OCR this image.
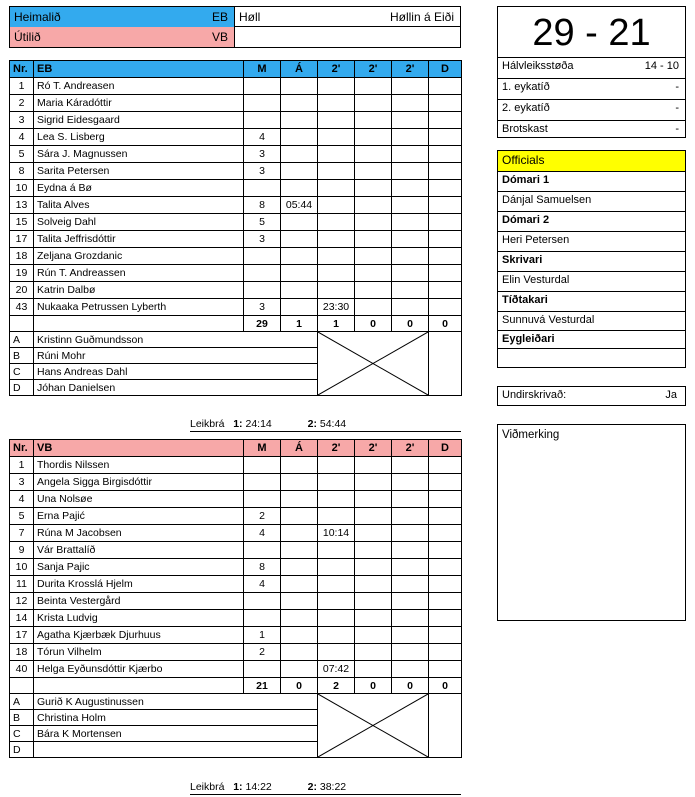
Heimalið	EB Høll	Høllin á Eiði
Útilið	VB
Nr.	EB	M	Á	2'	2'	2'	D
1	Ró T. Andreasen						
2	Maria Káradóttir						
3	Sigrid Eidesgaard						
4	Lea S. Lisberg	4					
5	Sára J. Magnussen	3					
8	Sarita Petersen	3					
10	Eydna á Bø						
13	Talita Alves	8	05:44				
15	Solveig Dahl	5					
17	Talita Jeffrisdóttir	3					
18	Zeljana Grozdanic						
19	Rún T. Andreassen						
20	Katrin Dalbø						
43	Nukaaka Petrussen Lyberth	3		23:30			
		29	1	1	0	0	0
A	Kristinn Guðmundsson	

B	Rúni Mohr						
C	Hans Andreas Dahl						
D	Jóhan Danielsen						
Leikbrá 1: 24:14	2: 54:44
Nr.	VB	M	Á	2'	2'	2'	D
1	Thordis Nilssen						
3	Angela Sigga Birgisdóttir						
4	Una Nolsøe						
5	Erna Pajić	2					
7	Rúna M Jacobsen	4		10:14			
9	Vár Brattalíð						
10	Sanja Pajic	8					
11	Durita Krosslá Hjelm	4					
12	Beinta Vestergård						
14	Krista Ludvig						
17	Agatha Kjærbæk Djurhuus	1					
18	Tórun Vilhelm	2					
40	Helga Eyðunsdóttir Kjærbo			07:42			
		21	0	2	0	0	0
A	Gurið K Augustinussen	

B	Christina Holm						
C	Bára K Mortensen						
D							
Leikbrá 1: 14:22	2: 38:22
29 - 21
Hálvleiksstøða	14 - 10
1. eykatíð	-
2. eykatíð	-
Brotskast	-
Officials
Dómari 1
Dánjal Samuelsen
Dómari 2
Heri Petersen
Skrivari
Elin Vesturdal
Tíðtakari
Sunnuvá Vesturdal
Eygleiðari
Undirskrivað:	Ja
Viðmerking
